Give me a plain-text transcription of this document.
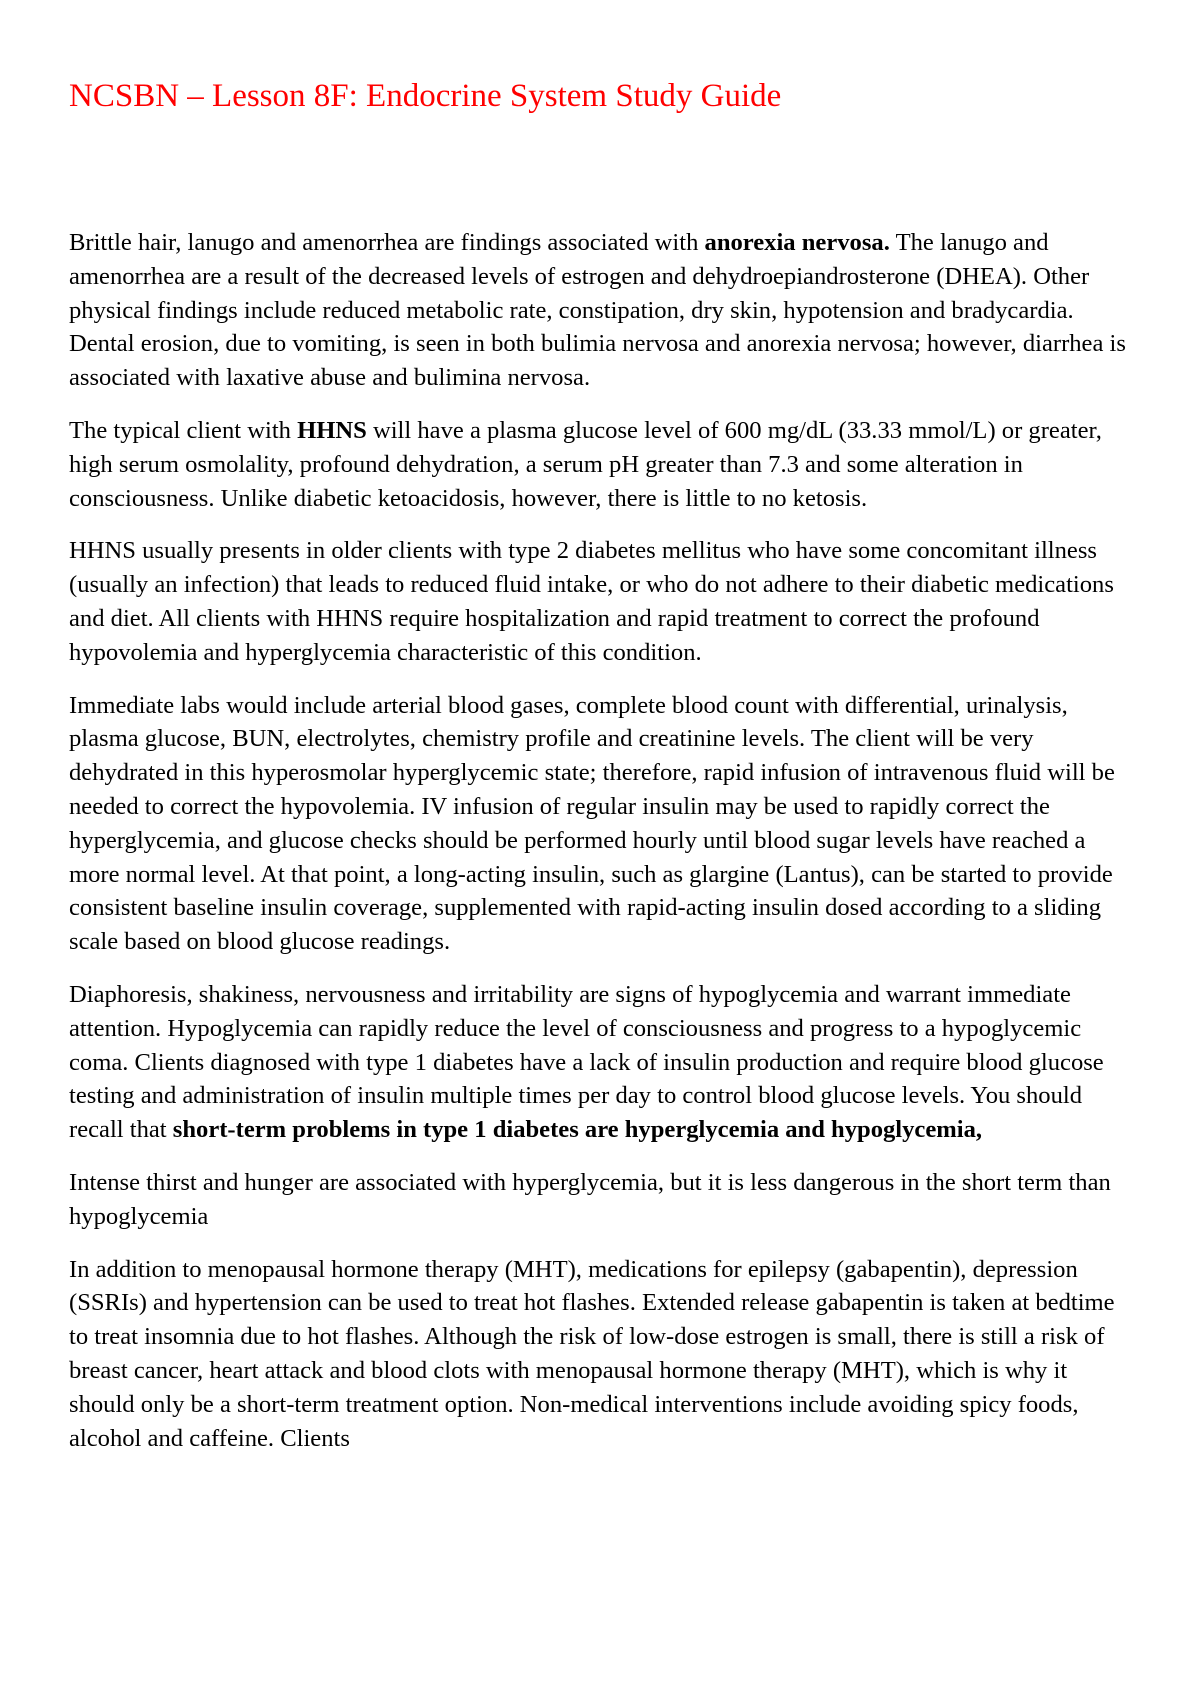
NCSBN – Lesson 8F: Endocrine System Study Guide

Brittle hair, lanugo and amenorrhea are findings associated with anorexia nervosa. The lanugo and amenorrhea are a result of the decreased levels of estrogen and dehydroepiandrosterone (DHEA). Other physical findings include reduced metabolic rate, constipation, dry skin, hypotension and bradycardia. Dental erosion, due to vomiting, is seen in both bulimia nervosa and anorexia nervosa; however, diarrhea is associated with laxative abuse and bulimina nervosa.

The typical client with HHNS will have a plasma glucose level of 600 mg/dL (33.33 mmol/L) or greater, high serum osmolality, profound dehydration, a serum pH greater than 7.3 and some alteration in consciousness. Unlike diabetic ketoacidosis, however, there is little to no ketosis.

HHNS usually presents in older clients with type 2 diabetes mellitus who have some concomitant illness (usually an infection) that leads to reduced fluid intake, or who do not adhere to their diabetic medications and diet. All clients with HHNS require hospitalization and rapid treatment to correct the profound hypovolemia and hyperglycemia characteristic of this condition.

Immediate labs would include arterial blood gases, complete blood count with differential, urinalysis, plasma glucose, BUN, electrolytes, chemistry profile and creatinine levels. The client will be very dehydrated in this hyperosmolar hyperglycemic state; therefore, rapid infusion of intravenous fluid will be needed to correct the hypovolemia. IV infusion of regular insulin may be used to rapidly correct the hyperglycemia, and glucose checks should be performed hourly until blood sugar levels have reached a more normal level. At that point, a long-acting insulin, such as glargine (Lantus), can be started to provide consistent baseline insulin coverage, supplemented with rapid-acting insulin dosed according to a sliding scale based on blood glucose readings.

Diaphoresis, shakiness, nervousness and irritability are signs of hypoglycemia and warrant immediate attention. Hypoglycemia can rapidly reduce the level of consciousness and progress to a hypoglycemic coma. Clients diagnosed with type 1 diabetes have a lack of insulin production and require blood glucose testing and administration of insulin multiple times per day to control blood glucose levels. You should recall that short-term problems in type 1 diabetes are hyperglycemia and hypoglycemia,

Intense thirst and hunger are associated with hyperglycemia, but it is less dangerous in the short term than hypoglycemia

In addition to menopausal hormone therapy (MHT), medications for epilepsy (gabapentin), depression (SSRIs) and hypertension can be used to treat hot flashes. Extended release gabapentin is taken at bedtime to treat insomnia due to hot flashes. Although the risk of low-dose estrogen is small, there is still a risk of breast cancer, heart attack and blood clots with menopausal hormone therapy (MHT), which is why it should only be a short-term treatment option. Non-medical interventions include avoiding spicy foods, alcohol and caffeine. Clients
